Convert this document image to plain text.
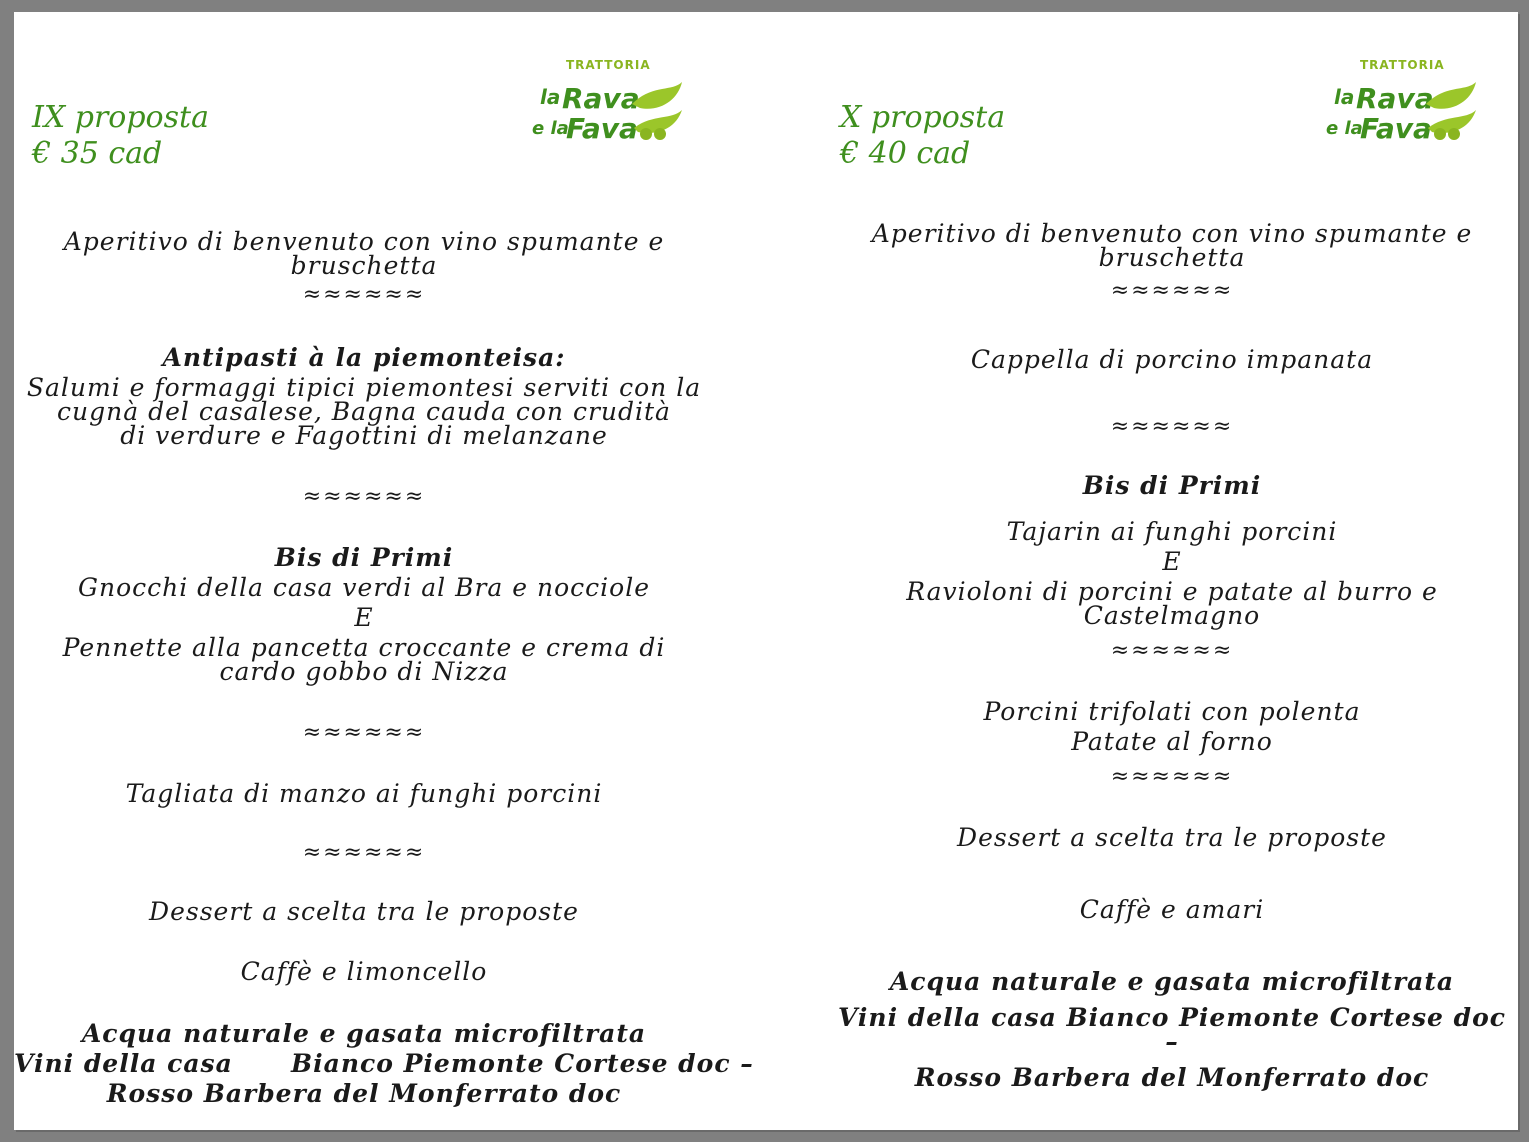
IX proposta
€ 35 cad
TRATTORIA
la Rava
e la
Fava
Aperitivo di benvenuto con vino spumante e
bruschetta
≈≈≈≈≈≈
Antipasti à la piemonteisa:
Salumi e formaggi tipici piemontesi serviti con la
cugnà del casalese, Bagna cauda con crudità
di verdure e Fagottini di melanzane
≈≈≈≈≈≈
Bis di Primi
Gnocchi della casa verdi al Bra e nocciole
E
Pennette alla pancetta croccante e crema di
cardo gobbo di Nizza
≈≈≈≈≈≈
Tagliata di manzo ai funghi porcini
≈≈≈≈≈≈
Dessert a scelta tra le proposte
Caffè e limoncello
Acqua naturale e gasata microfiltrata
Vini della casa      Bianco Piemonte Cortese doc –
Rosso Barbera del Monferrato doc
X proposta
€ 40 cad
TRATTORIA
la Rava
e la
Fava
Aperitivo di benvenuto con vino spumante e
bruschetta
≈≈≈≈≈≈
Cappella di porcino impanata
≈≈≈≈≈≈
Bis di Primi
Tajarin ai funghi porcini
E
Ravioloni di porcini e patate al burro e
Castelmagno
≈≈≈≈≈≈
Porcini trifolati con polenta
Patate al forno
≈≈≈≈≈≈
Dessert a scelta tra le proposte
Caffè e amari
Acqua naturale e gasata microfiltrata
Vini della casa Bianco Piemonte Cortese doc –
Rosso Barbera del Monferrato doc
